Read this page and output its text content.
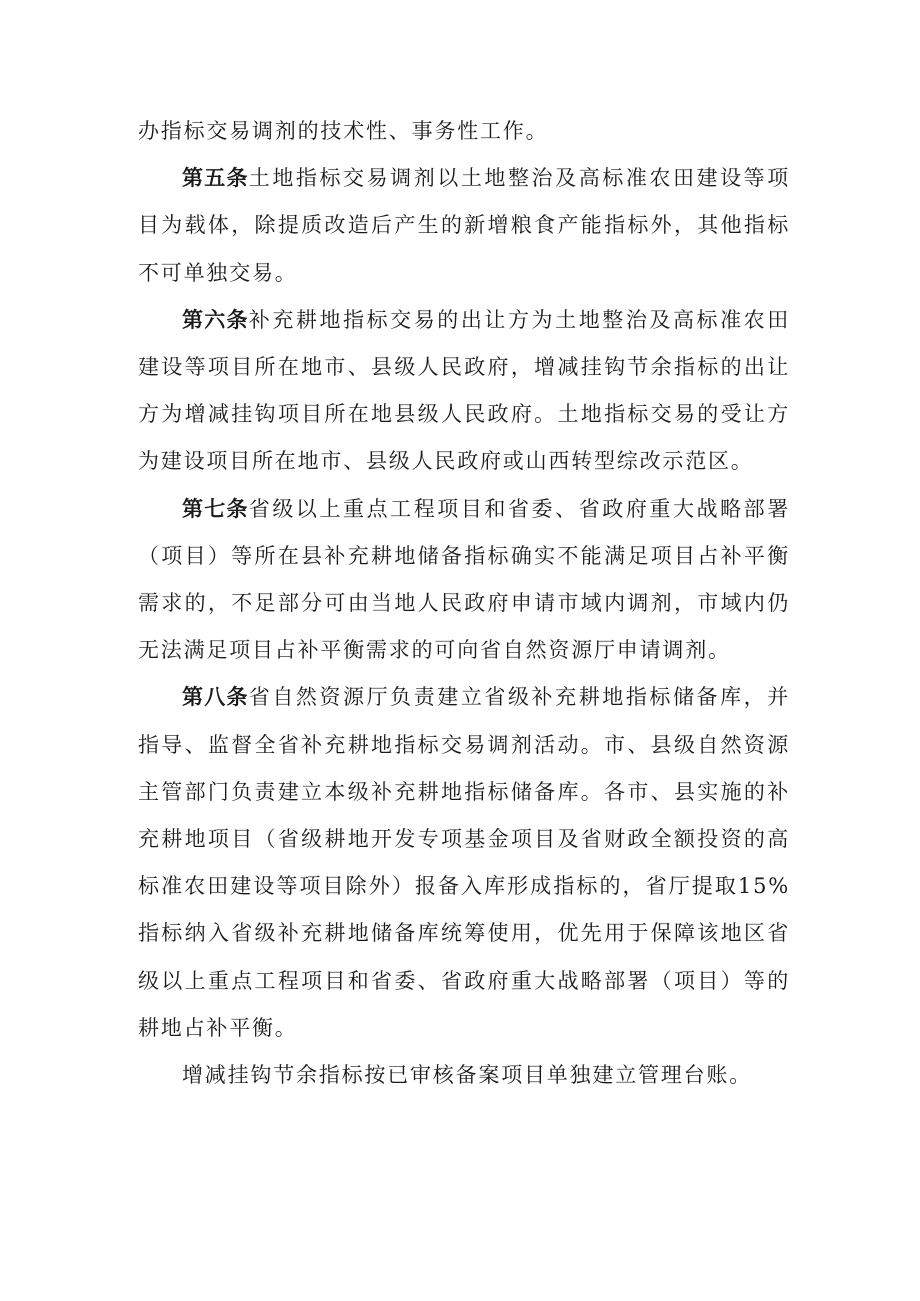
办指标交易调剂的技术性、事务性工作。

第五条土地指标交易调剂以土地整治及高标准农田建设等项目为载体，除提质改造后产生的新增粮食产能指标外，其他指标不可单独交易。

第六条补充耕地指标交易的出让方为土地整治及高标准农田建设等项目所在地市、县级人民政府，增减挂钩节余指标的出让方为增减挂钩项目所在地县级人民政府。土地指标交易的受让方为建设项目所在地市、县级人民政府或山西转型综改示范区。

第七条省级以上重点工程项目和省委、省政府重大战略部署（项目）等所在县补充耕地储备指标确实不能满足项目占补平衡需求的，不足部分可由当地人民政府申请市域内调剂，市域内仍无法满足项目占补平衡需求的可向省自然资源厅申请调剂。

第八条省自然资源厅负责建立省级补充耕地指标储备库，并指导、监督全省补充耕地指标交易调剂活动。市、县级自然资源主管部门负责建立本级补充耕地指标储备库。各市、县实施的补充耕地项目（省级耕地开发专项基金项目及省财政全额投资的高标准农田建设等项目除外）报备入库形成指标的，省厅提取15%指标纳入省级补充耕地储备库统筹使用，优先用于保障该地区省级以上重点工程项目和省委、省政府重大战略部署（项目）等的耕地占补平衡。

增减挂钩节余指标按已审核备案项目单独建立管理台账。
